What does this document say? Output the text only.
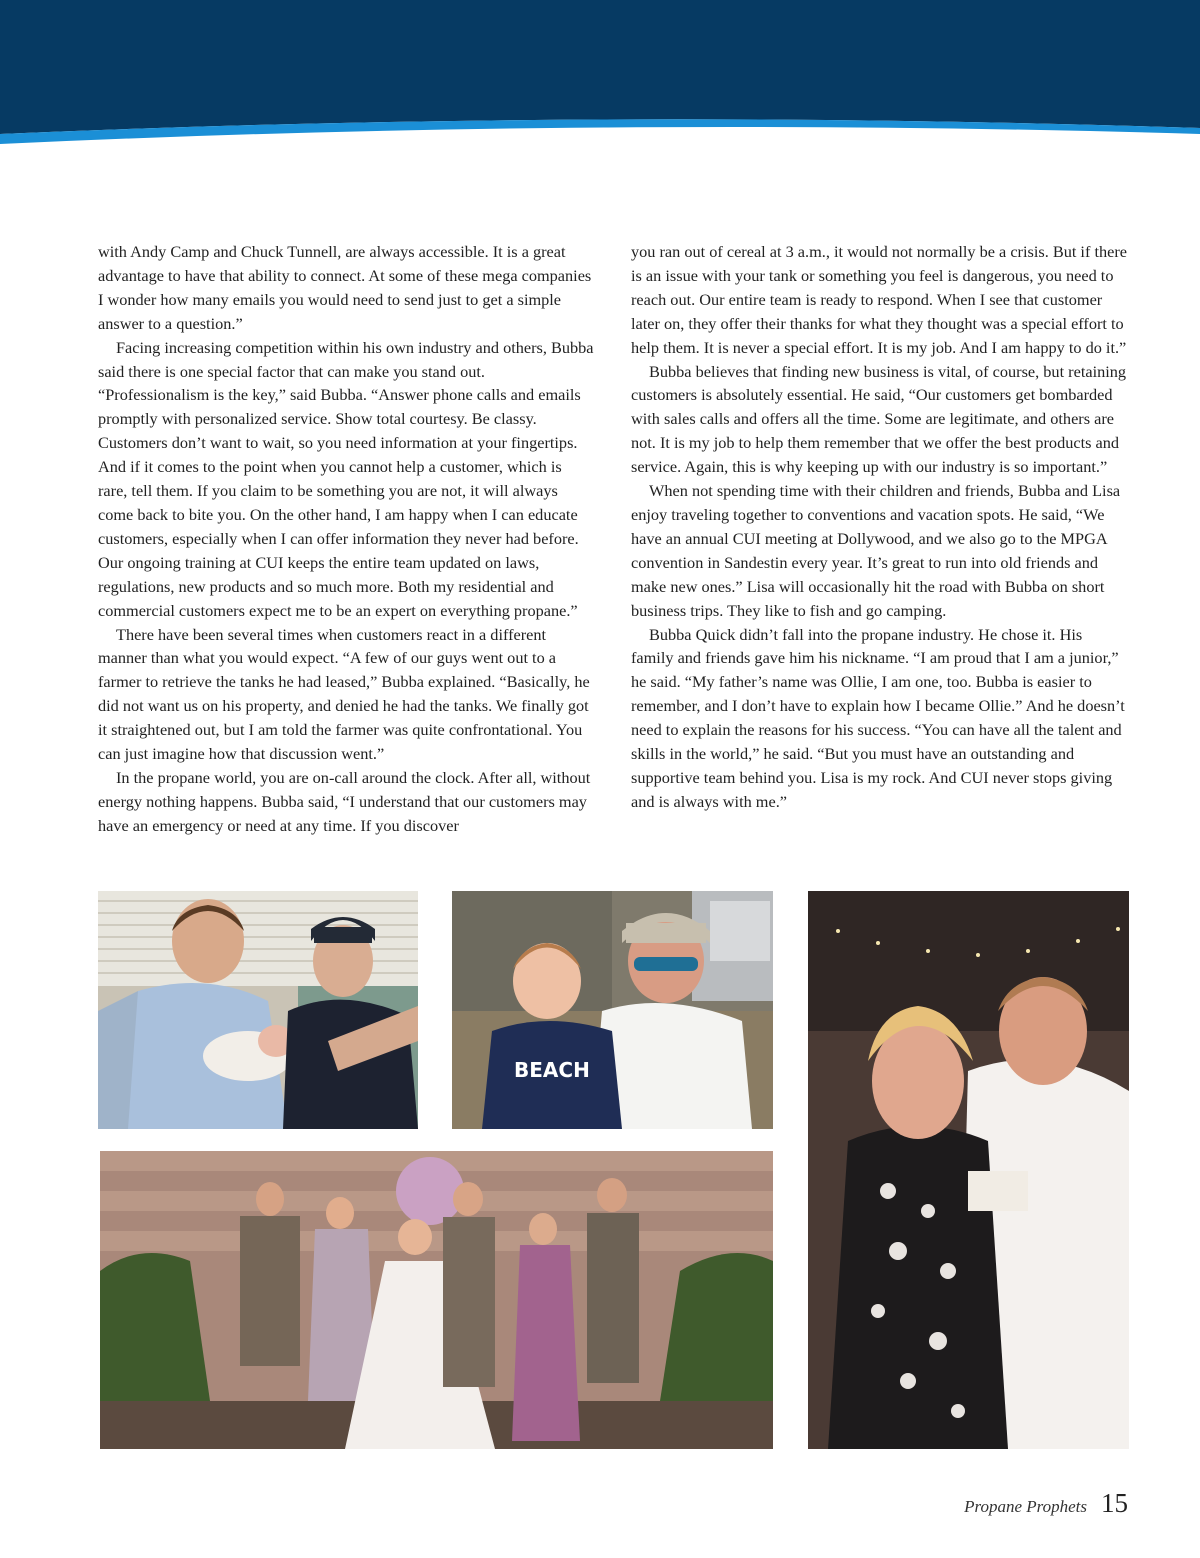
with Andy Camp and Chuck Tunnell, are always accessible. It is a great advantage to have that ability to connect. At some of these mega companies I wonder how many emails you would need to send just to get a simple answer to a question.”

Facing increasing competition within his own industry and others, Bubba said there is one special factor that can make you stand out. “Professionalism is the key,” said Bubba. “Answer phone calls and emails promptly with personalized service. Show total courtesy. Be classy. Customers don’t want to wait, so you need information at your fingertips. And if it comes to the point when you cannot help a customer, which is rare, tell them. If you claim to be something you are not, it will always come back to bite you. On the other hand, I am happy when I can educate customers, especially when I can offer information they never had before. Our ongoing training at CUI keeps the entire team updated on laws, regulations, new products and so much more. Both my residential and commercial customers expect me to be an expert on everything propane.”

There have been several times when customers react in a different manner than what you would expect. “A few of our guys went out to a farmer to retrieve the tanks he had leased,” Bubba explained. “Basically, he did not want us on his property, and denied he had the tanks. We finally got it straightened out, but I am told the farmer was quite confrontational. You can just imagine how that discussion went.”

In the propane world, you are on-call around the clock. After all, without energy nothing happens. Bubba said, “I understand that our customers may have an emergency or need at any time. If you discover

you ran out of cereal at 3 a.m., it would not normally be a crisis. But if there is an issue with your tank or something you feel is dangerous, you need to reach out. Our entire team is ready to respond. When I see that customer later on, they offer their thanks for what they thought was a special effort to help them. It is never a special effort. It is my job. And I am happy to do it.”

Bubba believes that finding new business is vital, of course, but retaining customers is absolutely essential. He said, “Our customers get bombarded with sales calls and offers all the time. Some are legitimate, and others are not. It is my job to help them remember that we offer the best products and service. Again, this is why keeping up with our industry is so important.”

When not spending time with their children and friends, Bubba and Lisa enjoy traveling together to conventions and vacation spots. He said, “We have an annual CUI meeting at Dollywood, and we also go to the MPGA convention in Sandestin every year. It’s great to run into old friends and make new ones.” Lisa will occasionally hit the road with Bubba on short business trips. They like to fish and go camping.

Bubba Quick didn’t fall into the propane industry. He chose it. His family and friends gave him his nickname. “I am proud that I am a junior,” he said. “My father’s name was Ollie, I am one, too. Bubba is easier to remember, and I don’t have to explain how I became Ollie.” And he doesn’t need to explain the reasons for his success. “You can have all the talent and skills in the world,” he said. “But you must have an outstanding and supportive team behind you. Lisa is my rock. And CUI never stops giving and is always with me.”

BEACH
Propane Prophets 15
